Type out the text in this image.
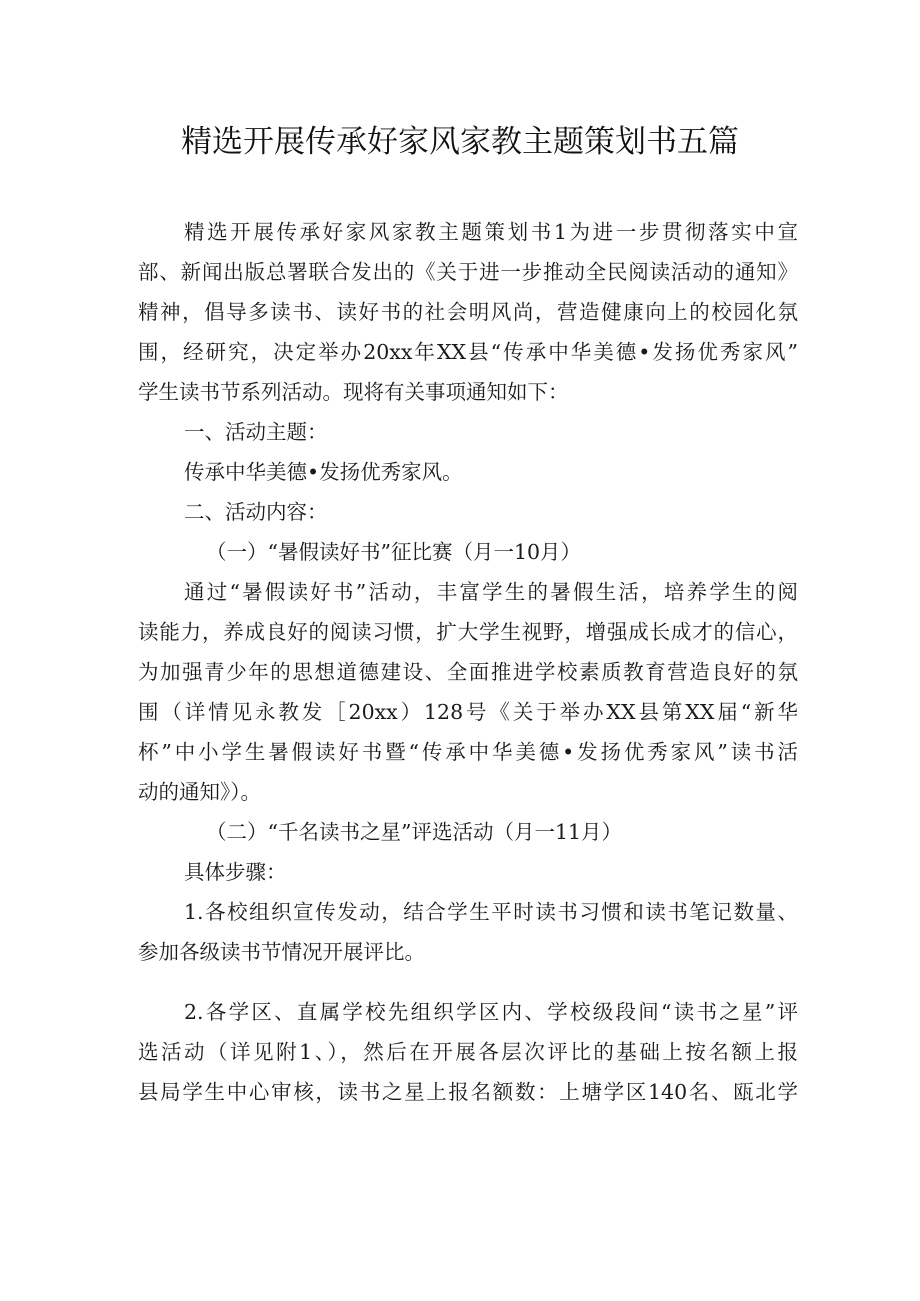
精选开展传承好家风家教主题策划书五篇

精选开展传承好家风家教主题策划书1为进一步贯彻落实中宣

部、新闻出版总署联合发出的《关于进一步推动全民阅读活动的通知》

精神，倡导多读书、读好书的社会明风尚，营造健康向上的校园化氛

围，经研究，决定举办20xx年XX县“传承中华美德•发扬优秀家风”

学生读书节系列活动。现将有关事项通知如下：

一、活动主题：

传承中华美德•发扬优秀家风。

二、活动内容：

（一）“暑假读好书”征比赛（月一10月）

通过“暑假读好书”活动，丰富学生的暑假生活，培养学生的阅

读能力，养成良好的阅读习惯，扩大学生视野，增强成长成才的信心，

为加强青少年的思想道德建设、全面推进学校素质教育营造良好的氛

围（详情见永教发［20xx）128号《关于举办XX县第XX届“新华

杯”中小学生暑假读好书暨“传承中华美德•发扬优秀家风”读书活

动的通知》）。

（二）“千名读书之星”评选活动（月一11月）

具体步骤：

1.各校组织宣传发动，结合学生平时读书习惯和读书笔记数量、

参加各级读书节情况开展评比。

2.各学区、直属学校先组织学区内、学校级段间“读书之星”评

选活动（详见附1、），然后在开展各层次评比的基础上按名额上报

县局学生中心审核，读书之星上报名额数：上塘学区140名、瓯北学
